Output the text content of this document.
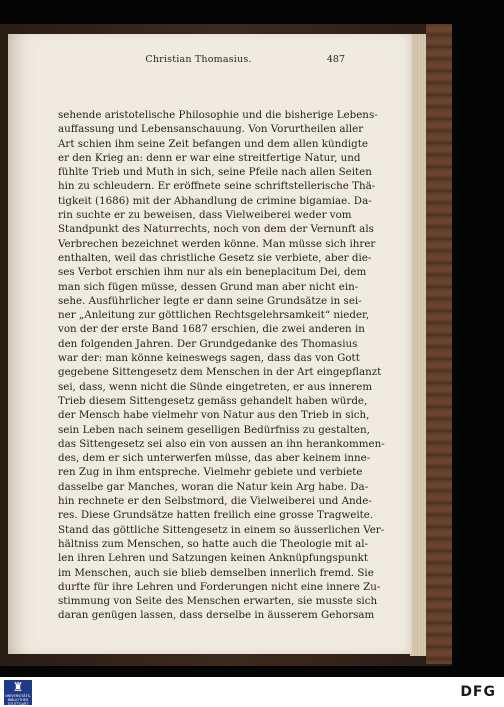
Christian Thomasius.	487
sehende aristotelische Philosophie und die bisherige Lebens-
auffassung und Lebensanschauung. Von Vorurtheilen aller
Art schien ihm seine Zeit befangen und dem allen kündigte
er den Krieg an: denn er war eine streitfertige Natur, und
fühlte Trieb und Muth in sich, seine Pfeile nach allen Seiten
hin zu schleudern. Er eröffnete seine schriftstellerische Thä-
tigkeit (1686) mit der Abhandlung de crimine bigamiae. Da-
rin suchte er zu beweisen, dass Vielweiberei weder vom
Standpunkt des Naturrechts, noch von dem der Vernunft als
Verbrechen bezeichnet werden könne. Man müsse sich ihrer
enthalten, weil das christliche Gesetz sie verbiete, aber die-
ses Verbot erschien ihm nur als ein beneplacitum Dei, dem
man sich fügen müsse, dessen Grund man aber nicht ein-
sehe. Ausführlicher legte er dann seine Grundsätze in sei-
ner „Anleitung zur göttlichen Rechtsgelehrsamkeit“ nieder,
von der der erste Band 1687 erschien, die zwei anderen in
den folgenden Jahren. Der Grundgedanke des Thomasius
war der: man könne keineswegs sagen, dass das von Gott
gegebene Sittengesetz dem Menschen in der Art eingepflanzt
sei, dass, wenn nicht die Sünde eingetreten, er aus innerem
Trieb diesem Sittengesetz gemäss gehandelt haben würde,
der Mensch habe vielmehr von Natur aus den Trieb in sich,
sein Leben nach seinem geselligen Bedürfniss zu gestalten,
das Sittengesetz sei also ein von aussen an ihn herankommen-
des, dem er sich unterwerfen müsse, das aber keinem inne-
ren Zug in ihm entspreche. Vielmehr gebiete und verbiete
dasselbe gar Manches, woran die Natur kein Arg habe. Da-
hin rechnete er den Selbstmord, die Vielweiberei und Ande-
res. Diese Grundsätze hatten freilich eine grosse Tragweite.
Stand das göttliche Sittengesetz in einem so äusserlichen Ver-
hältniss zum Menschen, so hatte auch die Theologie mit al-
len ihren Lehren und Satzungen keinen Anknüpfungspunkt
im Menschen, auch sie blieb demselben innerlich fremd. Sie
durfte für ihre Lehren und Forderungen nicht eine innere Zu-
stimmung von Seite des Menschen erwarten, sie musste sich
daran genügen lassen, dass derselbe in äusserem Gehorsam
♜
UNIVERSITÄTS-
BIBLIOTHEK
STUTTGART
DFG
